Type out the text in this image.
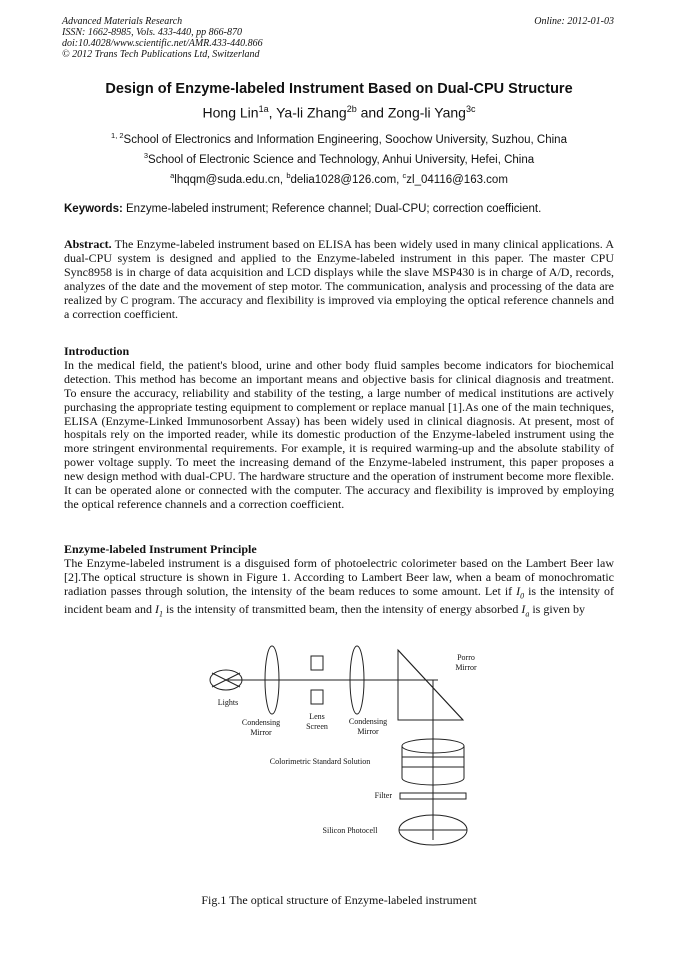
Advanced Materials Research
ISSN: 1662-8985, Vols. 433-440, pp 866-870
doi:10.4028/www.scientific.net/AMR.433-440.866
© 2012 Trans Tech Publications Ltd, Switzerland
Online: 2012-01-03
Design of Enzyme-labeled Instrument Based on Dual-CPU Structure
Hong Lin$^{1a}$, Ya-li Zhang$^{2b}$ and Zong-li Yang$^{3c}$
$^{1, 2}$School of Electronics and Information Engineering, Soochow University, Suzhou, China
$^3$School of Electronic Science and Technology, Anhui University, Hefei, China
$^a$lhqqm@suda.edu.cn, $^b$delia1028@126.com, $^c$zl_04116@163.com
Keywords: Enzyme-labeled instrument; Reference channel; Dual-CPU; correction coefficient.
Abstract. The Enzyme-labeled instrument based on ELISA has been widely used in many clinical applications. A dual-CPU system is designed and applied to the Enzyme-labeled instrument in this paper. The master CPU Sync8958 is in charge of data acquisition and LCD displays while the slave MSP430 is in charge of A/D, records, analyzes of the date and the movement of step motor. The communication, analysis and processing of the data are realized by C program. The accuracy and flexibility is improved via employing the optical reference channels and a correction coefficient.
Introduction

In the medical field, the patient's blood, urine and other body fluid samples become indicators for biochemical detection. This method has become an important means and objective basis for clinical diagnosis and treatment. To ensure the accuracy, reliability and stability of the testing, a large number of medical institutions are actively purchasing the appropriate testing equipment to complement or replace manual [1].As one of the main techniques, ELISA (Enzyme-Linked Immunosorbent Assay) has been widely used in clinical diagnosis. At present, most of hospitals rely on the imported reader, while its domestic production of the Enzyme-labeled instrument using the more stringent environmental requirements. For example, it is required warming-up and the absolute stability of power voltage supply. To meet the increasing demand of the Enzyme-labeled instrument, this paper proposes a new design method with dual-CPU. The hardware structure and the operation of instrument become more flexible. It can be operated alone or connected with the computer. The accuracy and flexibility is improved by employing the optical reference channels and a correction coefficient.

Enzyme-labeled Instrument Principle

The Enzyme-labeled instrument is a disguised form of photoelectric colorimeter based on the Lambert Beer law [2].The optical structure is shown in Figure 1. According to Lambert Beer law, when a beam of monochromatic radiation passes through solution, the intensity of the beam reduces to some amount. Let if $I_0$ is the intensity of incident beam and $I_1$ is the intensity of transmitted beam, then the intensity of energy absorbed $I_a$ is given by

Porro
Mirror
Lights
Condensing
Mirror
Lens
Screen	Condensing
Mirror
Colorimetric Standard Solution
Filter
Silicon Photocell
Fig.1 The optical structure of Enzyme-labeled instrument
